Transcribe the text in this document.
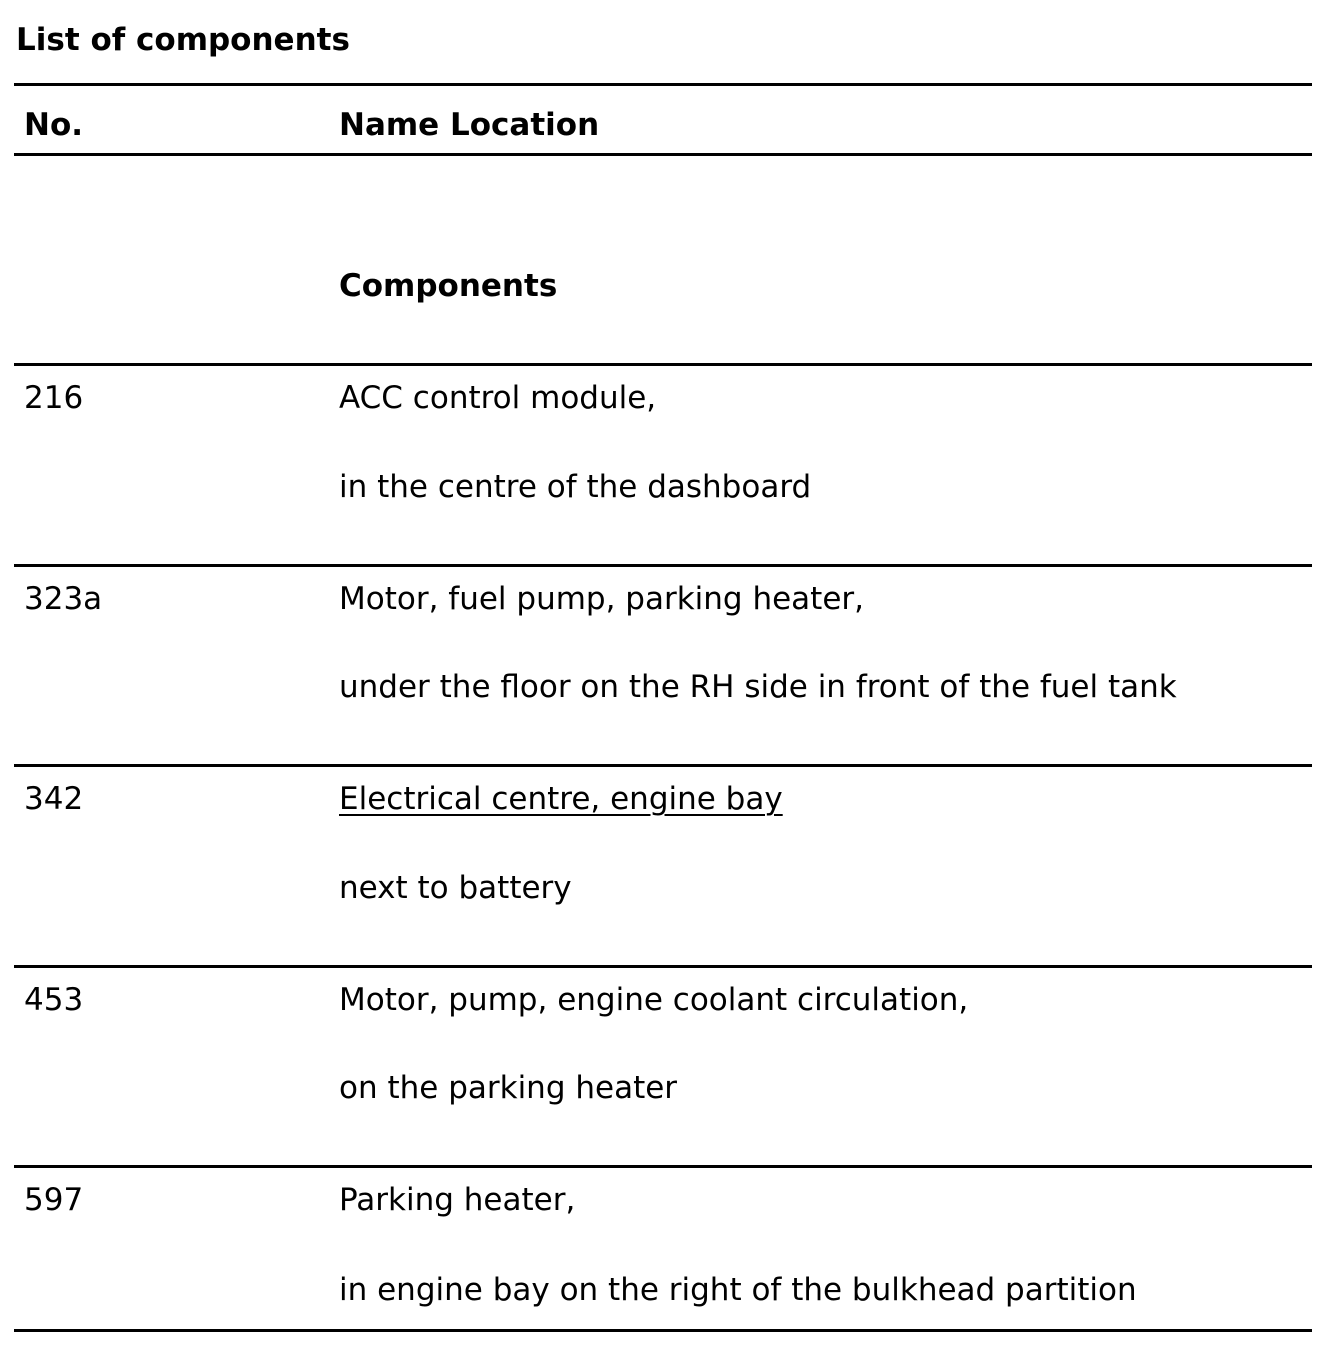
List of components
No.	Name Location
Components
216	ACC control module,
in the centre of the dashboard
323a	Motor, fuel pump, parking heater,
under the floor on the RH side in front of the fuel tank
342	Electrical centre, engine bay
next to battery
453	Motor, pump, engine coolant circulation,
on the parking heater
597	Parking heater,
in engine bay on the right of the bulkhead partition
